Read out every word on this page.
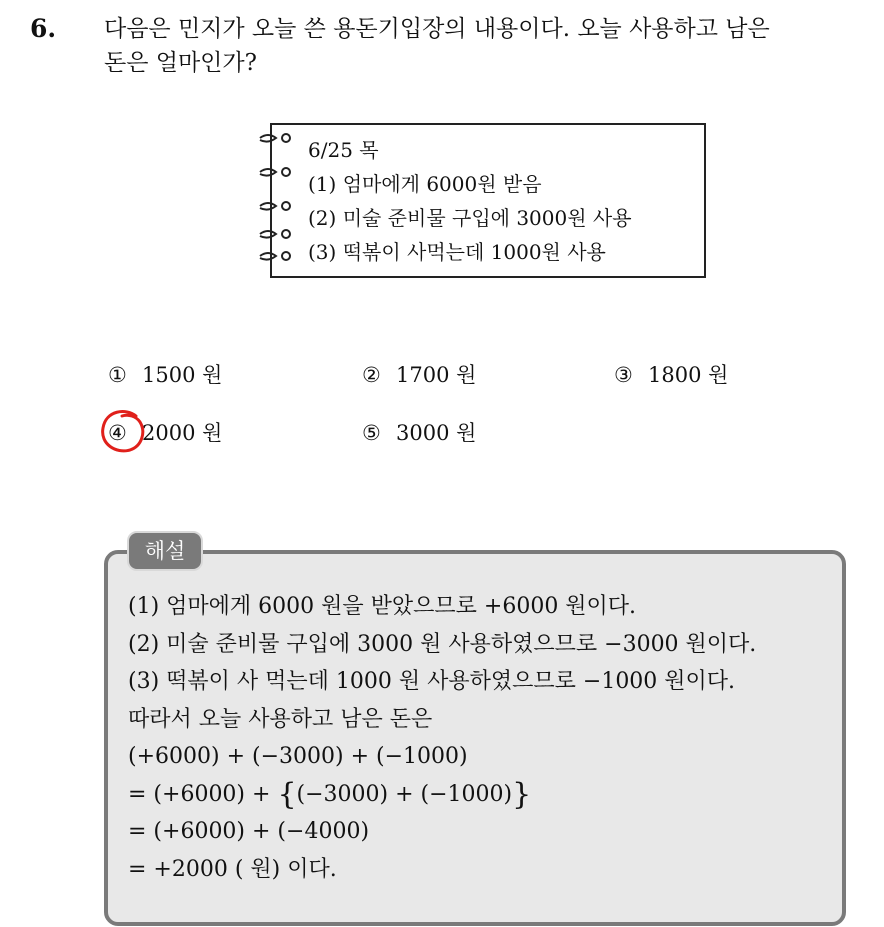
6. 다음은 민지가 오늘 쓴 용돈기입장의 내용이다. 오늘 사용하고 남은
돈은 얼마인가?
6/25 목
(1) 엄마에게 6000원 받음
(2) 미술 준비물 구입에 3000원 사용
(3) 떡볶이 사먹는데 1000원 사용
① 1500 원	② 1700 원	③ 1800 원
④ 2000 원	⑤ 3000 원
(1) 엄마에게 6000 원을 받았으므로 +6000 원이다.
(2) 미술 준비물 구입에 3000 원 사용하였으므로 −3000 원이다.
(3) 떡볶이 사 먹는데 1000 원 사용하였으므로 −1000 원이다.
따라서 오늘 사용하고 남은 돈은
(+6000) + (−3000) + (−1000)
= (+6000) + {(−3000) + (−1000)}
= (+6000) + (−4000)
= +2000 ( 원) 이다.
해설
